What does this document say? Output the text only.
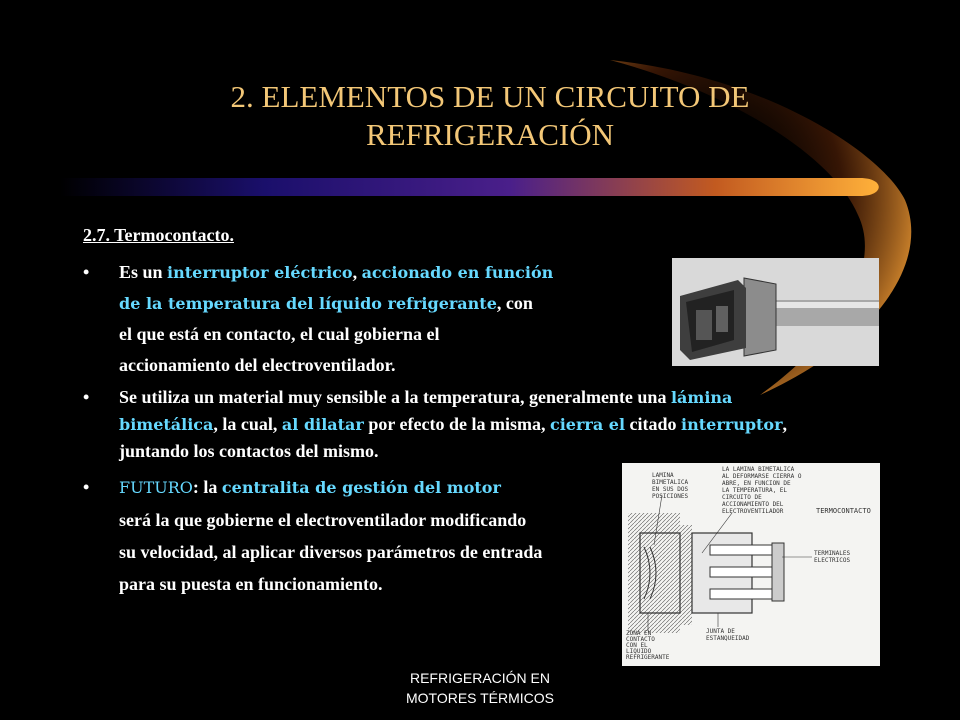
2. ELEMENTOS DE UN CIRCUITO DE
REFRIGERACIÓN
2.7. Termocontacto.
• Es un interruptor eléctrico, accionado en función
de la temperatura del líquido refrigerante, con
el que está en contacto, el cual gobierna el
accionamiento del electroventilador.
• Se utiliza un material muy sensible a la temperatura, generalmente una lámina
bimetálica, la cual, al dilatar por efecto de la misma, cierra el citado interruptor,
juntando los contactos del mismo.
• FUTURO: la centralita de gestión del motor
será la que gobierne el electroventilador modificando
su velocidad, al aplicar diversos parámetros de entrada
para su puesta en funcionamiento.
LAMINA
BIMETALICA
EN SUS DOS
POSICIONES
LA LAMINA BIMETALICA
AL DEFORMARSE CIERRA O
ABRE, EN FUNCION DE
LA TEMPERATURA, EL
CIRCUITO DE
ACCIONAMIENTO DEL
ELECTROVENTILADOR	TERMOCONTACTO
TERMINALES
ELECTRICOS
JUNTA DE
ESTANQUEIDAD
ZONA EN
CONTACTO
CON EL
LIQUIDO
REFRIGERANTE
REFRIGERACIÓN EN
MOTORES TÉRMICOS
